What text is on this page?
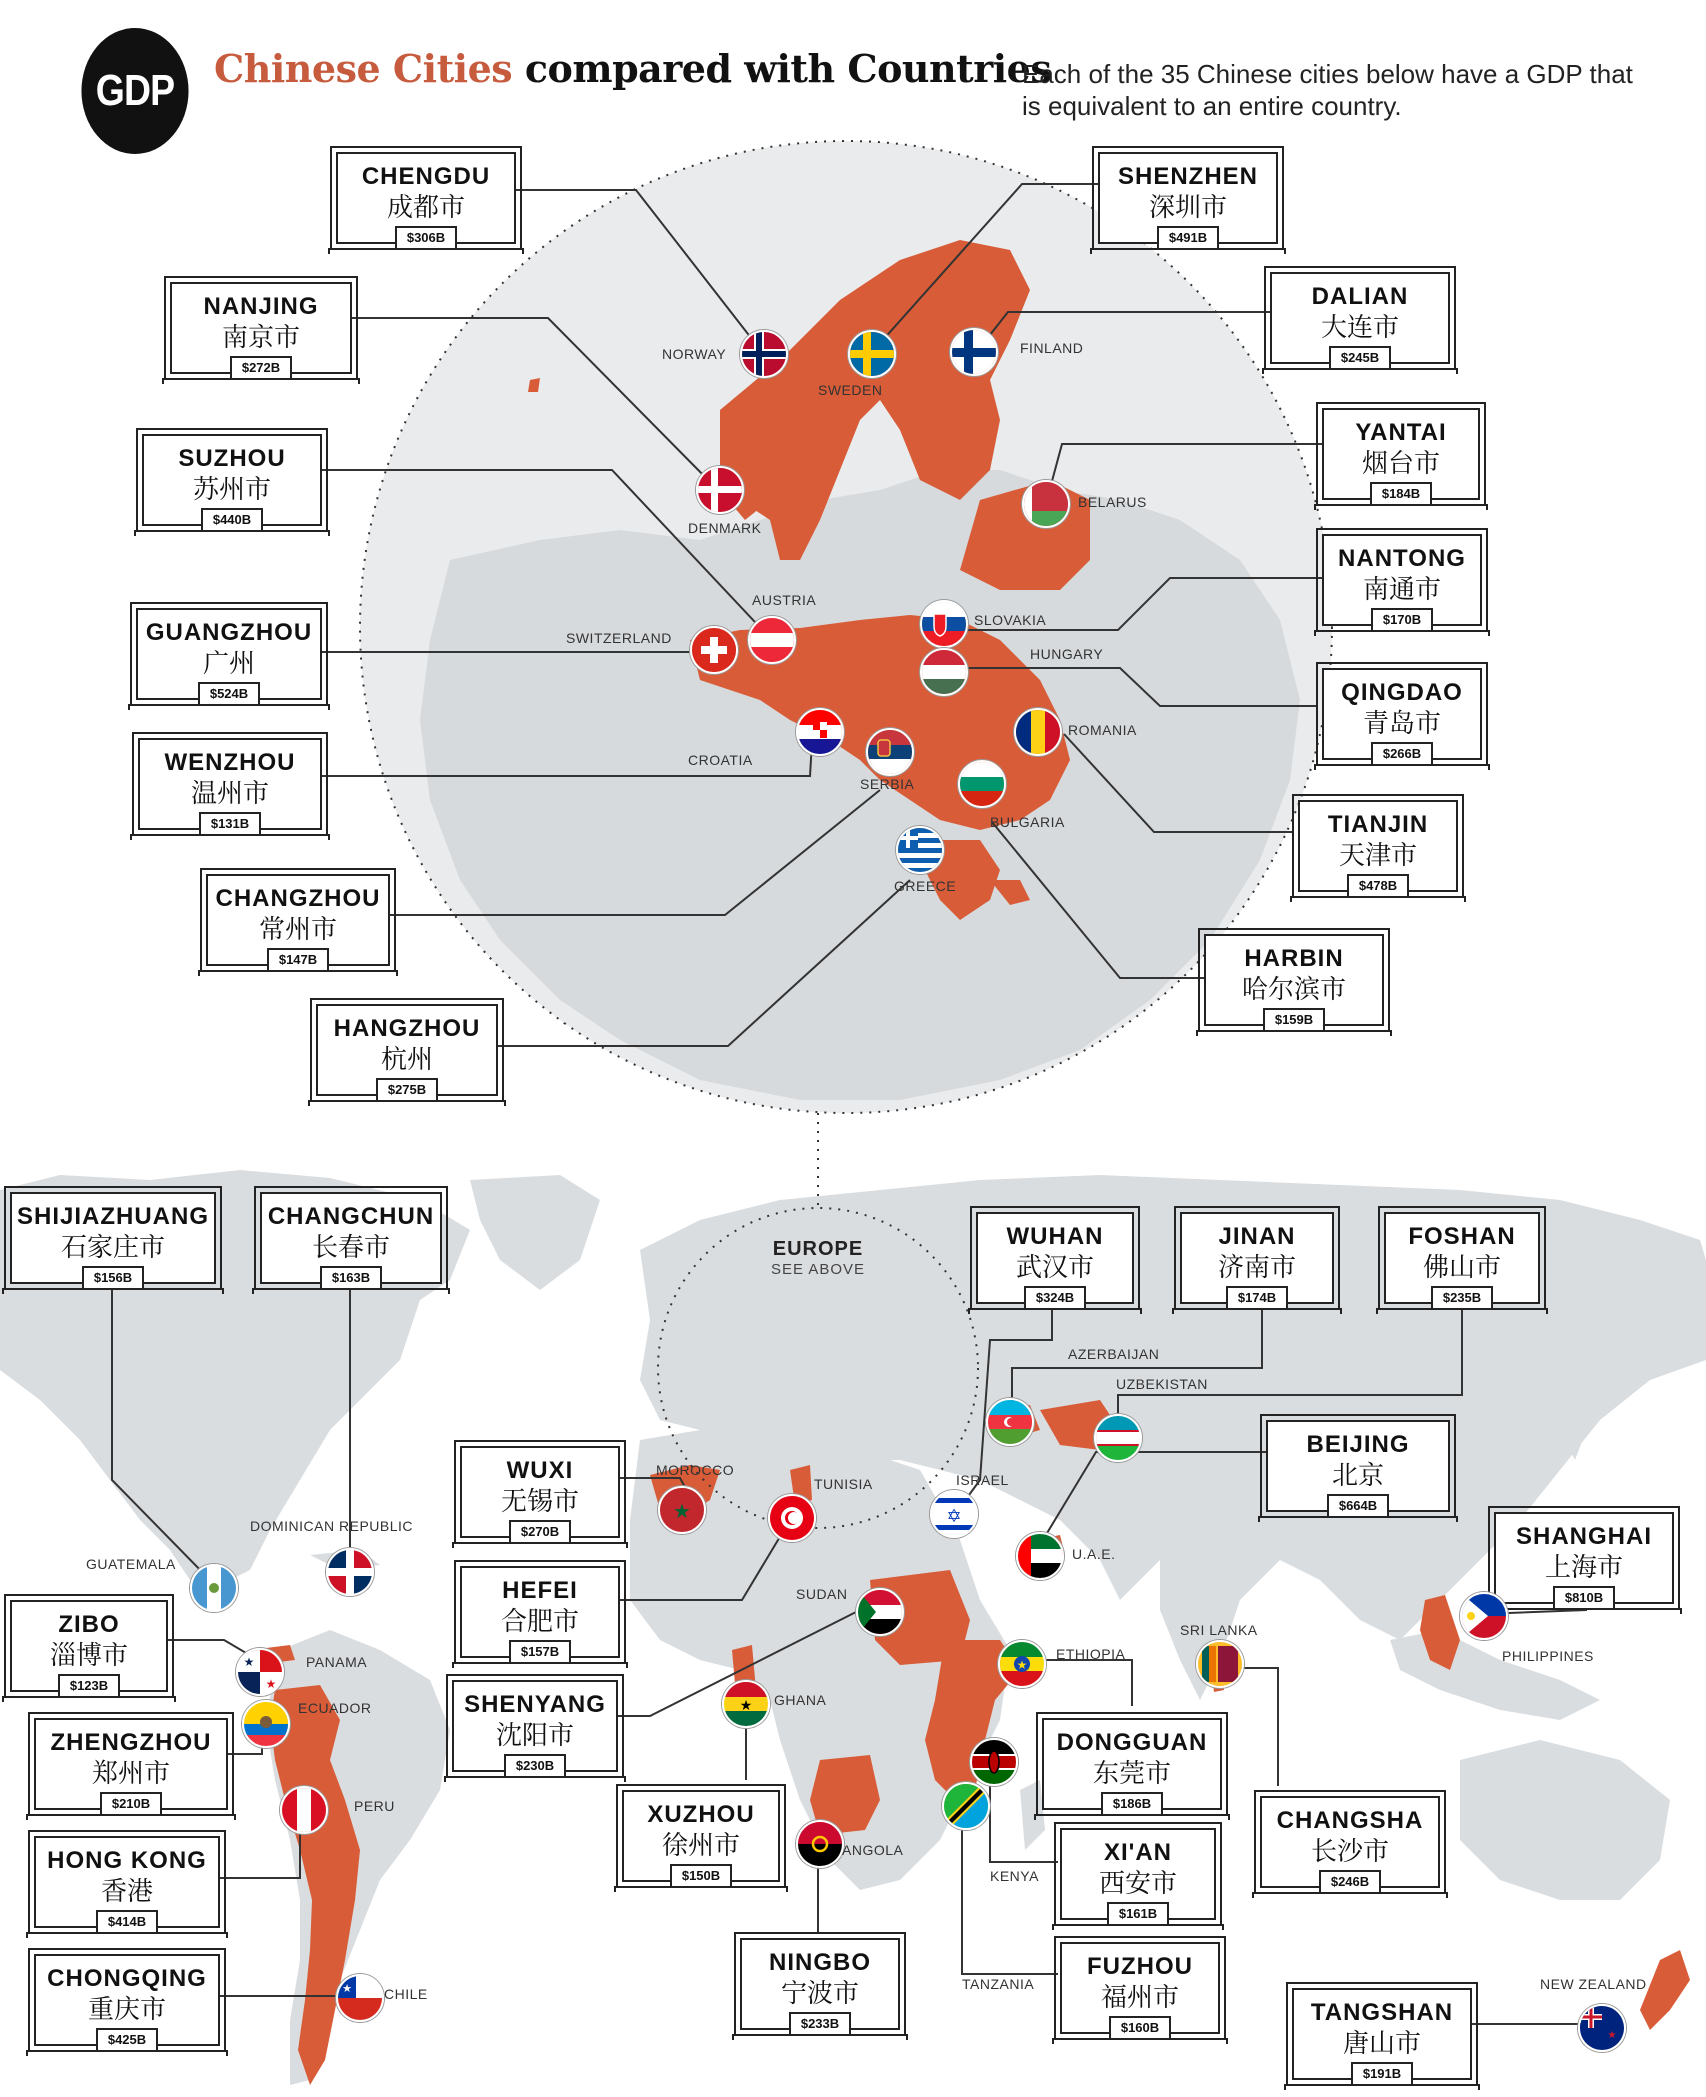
GDP	Chinese Cities compared with Countries
Each of the 35 Chinese cities below have a GDP that is equivalent to an entire country.
EUROPE
SEE ABOVE
CHENGDU
成都市
$306B
SHENZHEN
深圳市
$491B
NANJING
南京市
$272B
DALIAN
大连市
$245B
SUZHOU
苏州市
$440B
YANTAI
烟台市
$184B
NANTONG
南通市
$170B
GUANGZHOU
广州
$524B	QINGDAO
青岛市
$266B
WENZHOU
温州市
$131B	TIANJIN
天津市
$478B
CHANGZHOU
常州市
$147B	HARBIN
哈尔滨市
$159B
HANGZHOU
杭州
$275B
SHIJIAZHUANG
石家庄市
$156B
CHANGCHUN
长春市
$163B
WUHAN
武汉市
$324B
JINAN
济南市
$174B
FOSHAN
佛山市
$235B
WUXI
无锡市
$270B
BEIJING
北京
$664B
SHANGHAI
上海市
$810B
HEFEI
合肥市
$157B
ZIBO
淄博市
$123B
SHENYANG
沈阳市
$230B
ZHENGZHOU
郑州市
$210B
DONGGUAN
东莞市
$186B
CHANGSHA
长沙市
$246B
XUZHOU
徐州市
$150B
HONG KONG
香港
$414B
XI'AN
西安市
$161B
NINGBO
宁波市
$233B
FUZHOU
福州市
$160B
CHONGQING
重庆市
$425B
TANGSHAN
唐山市
$191B
NORWAY
SWEDEN
FINLAND
DENMARK
BELARUS
AUSTRIA
SWITZERLAND
SLOVAKIA
HUNGARY
CROATIA
SERBIA
ROMANIA
BULGARIA
GREECE
AZERBAIJAN
UZBEKISTAN
★
MOROCCO
TUNISIA
✡
ISRAEL
DOMINICAN REPUBLIC
GUATEMALA
U.A.E.
SUDAN
SRI LANKA
PHILIPPINES
★
ETHIOPIA
★
★
PANAMA
ECUADOR	★ GHANA
PERU
ANGOLA
KENYA
TANZANIA
★ CHILE
★
NEW ZEALAND
